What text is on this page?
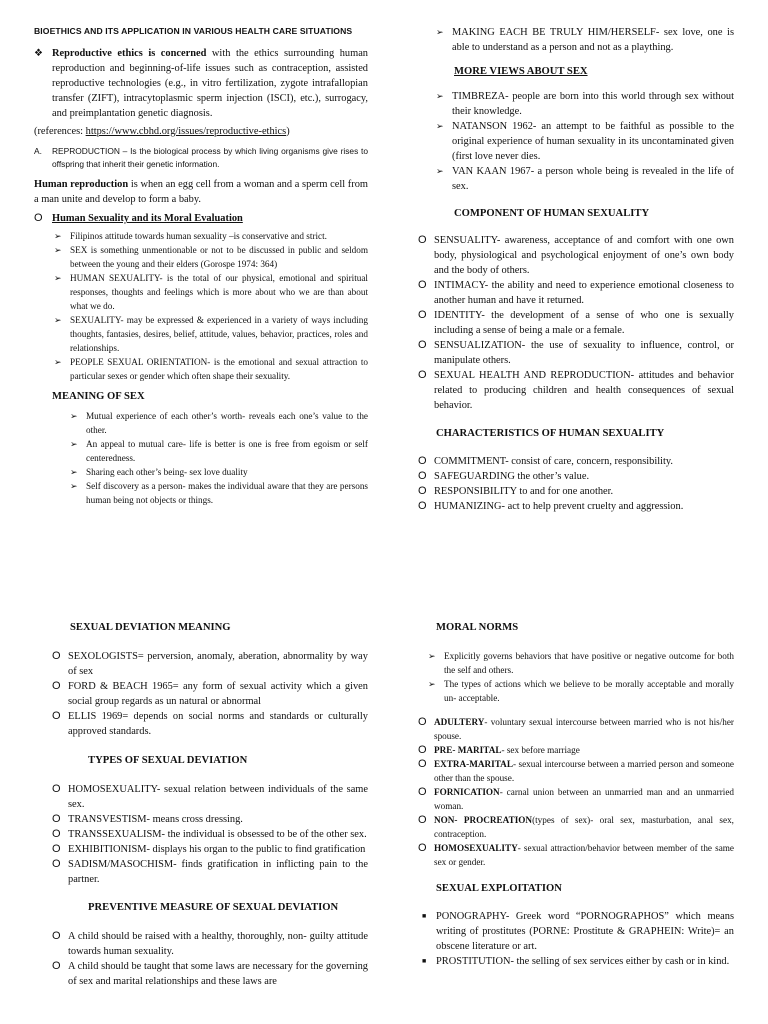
BIOETHICS AND ITS APPLICATION IN VARIOUS HEALTH CARE SITUATIONS
❖ Reproductive ethics is concerned with the ethics surrounding human reproduction and beginning-of-life issues such as contraception, assisted reproductive technologies (e.g., in vitro fertilization, zygote intrafallopian transfer (ZIFT), intracytoplasmic sperm injection (ISCI), etc.), surrogacy, and preimplantation genetic diagnosis.
(references: https://www.cbhd.org/issues/reproductive-ethics)
A. REPRODUCTION – Is the biological process by which living organisms give rises to offspring that inherit their genetic information.
Human reproduction is when an egg cell from a woman and a sperm cell from a man unite and develop to form a baby.
O Human Sexuality and its Moral Evaluation
➢ Filipinos attitude towards human sexuality –is conservative and strict.
➢ SEX is something unmentionable or not to be discussed in public and seldom between the young and their elders (Gorospe 1974: 364)
➢ HUMAN SEXUALITY- is the total of our physical, emotional and spiritual responses, thoughts and feelings which is more about who we are than about what we do.
➢ SEXUALITY- may be expressed & experienced in a variety of ways including thoughts, fantasies, desires, belief, attitude, values, behavior, practices, roles and relationships.
➢ PEOPLE SEXUAL ORIENTATION- is the emotional and sexual attraction to particular sexes or gender which often shape their sexuality.
MEANING OF SEX
➢ Mutual experience of each other’s worth- reveals each one’s value to the other.
➢ An appeal to mutual care- life is better is one is free from egoism or self centeredness.
➢ Sharing each other’s being- sex love duality
➢ Self discovery as a person- makes the individual aware that they are persons human being not objects or things.
➢ MAKING EACH BE TRULY HIM/HERSELF- sex love, one is able to understand as a person and not as a plaything.
MORE VIEWS ABOUT SEX
➢ TIMBREZA- people are born into this world through sex without their knowledge.
➢ NATANSON 1962- an attempt to be faithful as possible to the original experience of human sexuality in its uncontaminated given (first love never dies.
➢ VAN KAAN 1967- a person whole being is revealed in the life of sex.
COMPONENT OF HUMAN SEXUALITY
O SENSUALITY- awareness, acceptance of and comfort with one own body, physiological and psychological enjoyment of one’s own body and the body of others.
O INTIMACY- the ability and need to experience emotional closeness to another human and have it returned.
O IDENTITY- the development of a sense of who one is sexually including a sense of being a male or a female.
O SENSUALIZATION- the use of sexuality to influence, control, or manipulate others.
O SEXUAL HEALTH AND REPRODUCTION- attitudes and behavior related to producing children and health consequences of sexual behavior.
CHARACTERISTICS OF HUMAN SEXUALITY
O COMMITMENT- consist of care, concern, responsibility.
O SAFEGUARDING the other’s value.
O RESPONSIBILITY to and for one another.
O HUMANIZING- act to help prevent cruelty and aggression.
SEXUAL DEVIATION MEANING
O SEXOLOGISTS= perversion, anomaly, aberation, abnormality by way of sex
O FORD & BEACH 1965= any form of sexual activity which a given social group regards as un natural or abnormal
O ELLIS 1969= depends on social norms and standards or culturally approved standards.
TYPES OF SEXUAL DEVIATION
O HOMOSEXUALITY- sexual relation between individuals of the same sex.
O TRANSVESTISM- means cross dressing.
O TRANSSEXUALISM- the individual is obsessed to be of the other sex.
O EXHIBITIONISM- displays his organ to the public to find gratification
O SADISM/MASOCHISM- finds gratification in inflicting pain to the partner.
PREVENTIVE MEASURE OF SEXUAL DEVIATION
O A child should be raised with a healthy, thoroughly, non- guilty attitude towards human sexuality.
O A child should be taught that some laws are necessary for the governing of sex and marital relationships and these laws are
MORAL NORMS
➢ Explicitly governs behaviors that have positive or negative outcome for both the self and others.
➢ The types of actions which we believe to be morally acceptable and morally un- acceptable.
O ADULTERY- voluntary sexual intercourse between married who is not his/her spouse.
O PRE- MARITAL- sex before marriage
O EXTRA-MARITAL- sexual intercourse between a married person and someone other than the spouse.
O FORNICATION- carnal union between an unmarried man and an unmarried woman.
O NON- PROCREATION(types of sex)- oral sex, masturbation, anal sex, contraception.
O HOMOSEXUALITY- sexual attraction/behavior between member of the same sex or gender.
SEXUAL EXPLOITATION
■ PONOGRAPHY- Greek word “PORNOGRAPHOS” which means writing of prostitutes (PORNE: Prostitute & GRAPHEIN: Write)= an obscene literature or art.
■ PROSTITUTION- the selling of sex services either by cash or in kind.
